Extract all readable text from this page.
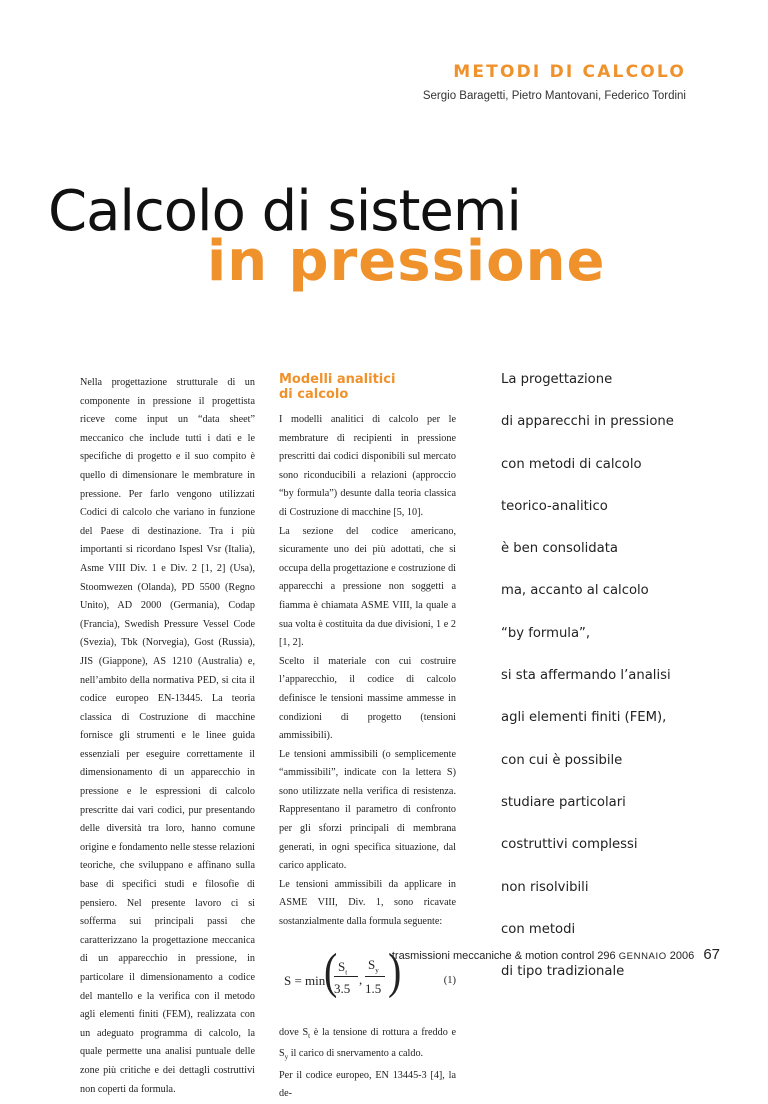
METODI DI CALCOLO
Sergio Baragetti, Pietro Mantovani, Federico Tordini
Calcolo di sistemi
in pressione
Nella progettazione strutturale di un componente in pressione il progettista riceve come input un “data sheet” meccanico che include tutti i dati e le specifiche di progetto e il suo compito è quello di dimensionare le membrature in pressione. Per farlo vengono utilizzati Codici di calcolo che variano in funzione del Paese di destinazione. Tra i più importanti si ricordano Ispesl Vsr (Italia), Asme VIII Div. 1 e Div. 2 [1, 2] (Usa), Stoomwezen (Olanda), PD 5500 (Regno Unito), AD 2000 (Germania), Codap (Francia), Swedish Pressure Vessel Code (Svezia), Tbk (Norvegia), Gost (Russia), JIS (Giappone), AS 1210 (Australia) e, nell’ambito della normativa PED, si cita il codice europeo EN-13445. La teoria classica di Costruzione di macchine fornisce gli strumenti e le linee guida essenziali per eseguire correttamente il dimensionamento di un apparecchio in pressione e le espressioni di calcolo prescritte dai vari codici, pur presentando delle diversità tra loro, hanno comune origine e fondamento nelle stesse relazioni teoriche, che sviluppano e affinano sulla base di specifici studi e filosofie di pensiero. Nel presente lavoro ci si sofferma sui principali passi che caratterizzano la progettazione meccanica di un apparecchio in pressione, in particolare il dimensionamento a codice del mantello e la verifica con il metodo agli elementi finiti (FEM), realizzata con un adeguato programma di calcolo, la quale permette una analisi puntuale delle zone più critiche e dei dettagli costruttivi non coperti da formula.
Modelli analitici
di calcolo

I modelli analitici di calcolo per le membrature di recipienti in pressione prescritti dai codici disponibili sul mercato sono riconducibili a relazioni (approccio “by formula”) desunte dalla teoria classica di Costruzione di macchine [5, 10].

La sezione del codice americano, sicuramente uno dei più adottati, che si occupa della progettazione e costruzione di apparecchi a pressione non soggetti a fiamma è chiamata ASME VIII, la quale a sua volta è costituita da due divisioni, 1 e 2 [1, 2].

Scelto il materiale con cui costruire l’apparecchio, il codice di calcolo definisce le tensioni massime ammesse in condizioni di progetto (tensioni ammissibili).

Le tensioni ammissibili (o semplicemente “ammissibili”, indicate con la lettera S) sono utilizzate nella verifica di resistenza. Rappresentano il parametro di confronto per gli sforzi principali di membrana generati, in ogni specifica situazione, dal carico applicato.

Le tensioni ammissibili da applicare in ASME VIII, Div. 1, sono ricavate sostanzialmente dalla formula seguente:

S = min
( $S_t$
3.5
,
$S_y$
1.5 )	(1)

dove $S_t$ è la tensione di rottura a freddo e $S_y$ il carico di snervamento a caldo.

Per il codice europeo, EN 13445-3 [4], la de-

La progettazione
di apparecchi in pressione
con metodi di calcolo
teorico-analitico
è ben consolidata
ma, accanto al calcolo
“by formula”,
si sta affermando l’analisi
agli elementi finiti (FEM),
con cui è possibile
studiare particolari
costruttivi complessi
non risolvibili
con metodi
di tipo tradizionale
trasmissioni meccaniche & motion control 296 GENNAIO 2006 67
